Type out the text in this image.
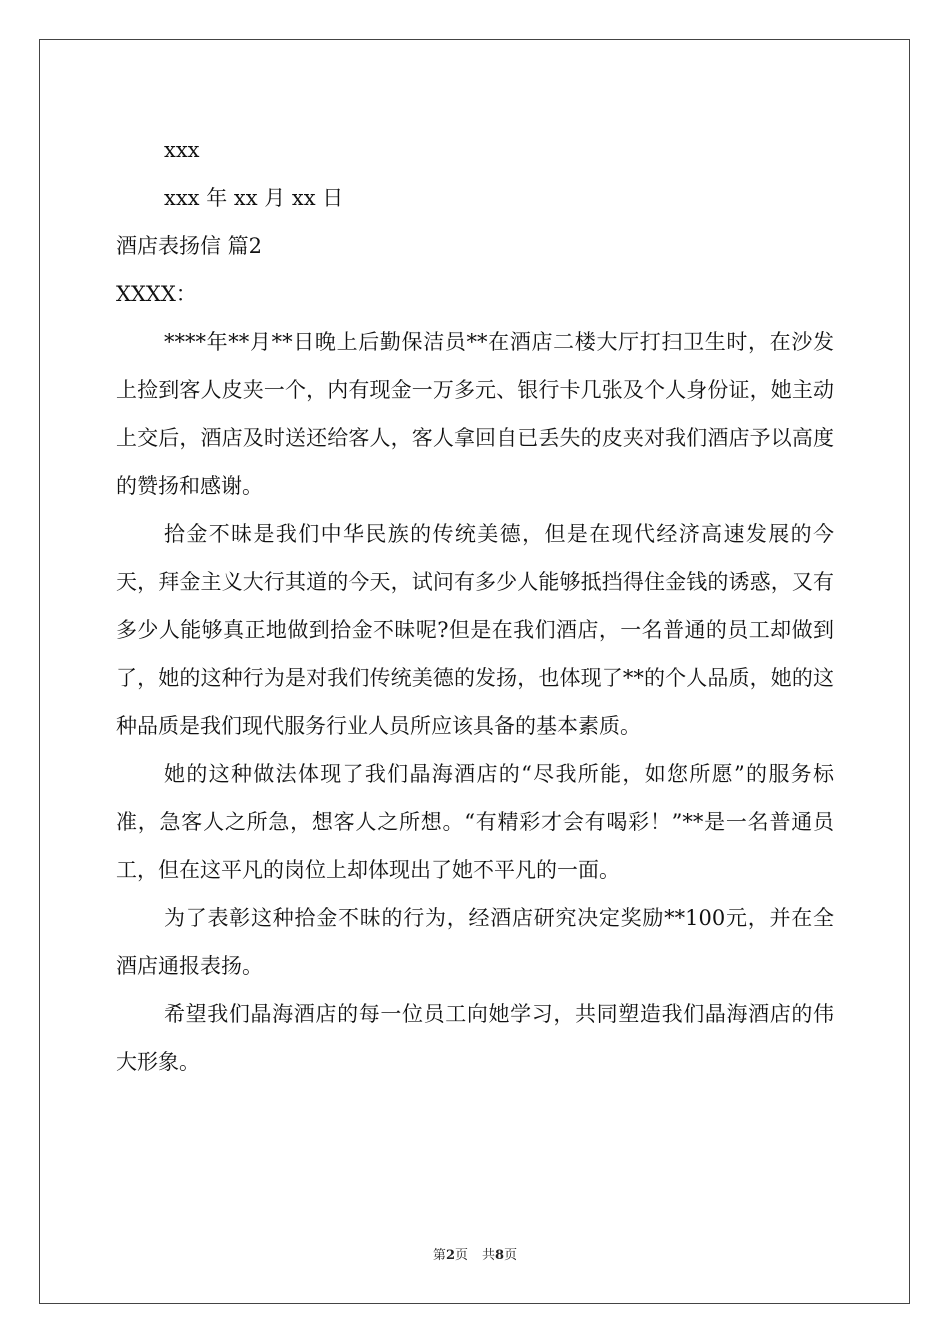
xxx

xxx 年 xx 月 xx 日

酒店表扬信 篇2

XXXX：

****年**月**日晚上后勤保洁员**在酒店二楼大厅打扫卫生时，在沙发上捡到客人皮夹一个，内有现金一万多元、银行卡几张及个人身份证，她主动上交后，酒店及时送还给客人，客人拿回自已丢失的皮夹对我们酒店予以高度的赞扬和感谢。

拾金不昧是我们中华民族的传统美德，但是在现代经济高速发展的今天，拜金主义大行其道的今天，试问有多少人能够抵挡得住金钱的诱惑，又有多少人能够真正地做到拾金不昧呢?但是在我们酒店，一名普通的员工却做到了，她的这种行为是对我们传统美德的发扬，也体现了**的个人品质，她的这种品质是我们现代服务行业人员所应该具备的基本素质。

她的这种做法体现了我们晶海酒店的“尽我所能，如您所愿”的服务标准，急客人之所急，想客人之所想。“有精彩才会有喝彩！”**是一名普通员工，但在这平凡的岗位上却体现出了她不平凡的一面。

为了表彰这种拾金不昧的行为，经酒店研究决定奖励**100元，并在全酒店通报表扬。

希望我们晶海酒店的每一位员工向她学习，共同塑造我们晶海酒店的伟大形象。

第2页 共8页
